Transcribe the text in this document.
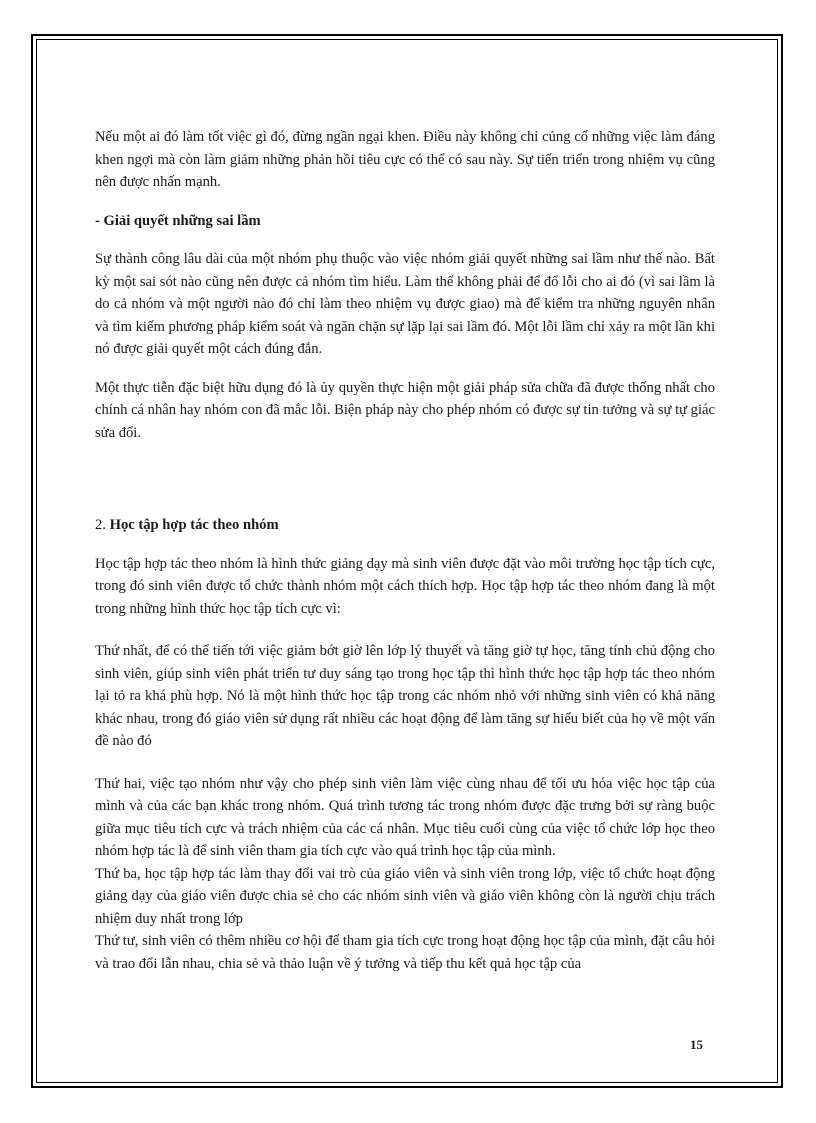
Nếu một ai đó làm tốt việc gì đó, đừng ngần ngại khen. Điều này không chỉ củng cố những việc làm đáng khen ngợi mà còn làm giảm những phản hồi tiêu cực có thể có sau này. Sự tiến triển trong nhiệm vụ cũng nên được nhấn mạnh.

- Giải quyết những sai lầm

Sự thành công lâu dài của một nhóm phụ thuộc vào việc nhóm giải quyết những sai lầm như thế nào. Bất kỳ một sai sót nào cũng nên được cả nhóm tìm hiểu. Làm thế không phải để đổ lỗi cho ai đó (vì sai lầm là do cả nhóm và một người nào đó chỉ làm theo nhiệm vụ được giao) mà để kiểm tra những nguyên nhân và tìm kiếm phương pháp kiểm soát và ngăn chặn sự lặp lại sai lầm đó. Một lỗi lầm chỉ xảy ra một lần khi nó được giải quyết một cách đúng đắn.

Một thực tiễn đặc biệt hữu dụng đó là ủy quyền thực hiện một giải pháp sửa chữa đã được thống nhất cho chính cá nhân hay nhóm con đã mắc lỗi. Biện pháp này cho phép nhóm có được sự tin tưởng và sự tự giác sửa đổi.

2. Học tập hợp tác theo nhóm

Học tập hợp tác theo nhóm là hình thức giảng dạy mà sinh viên được đặt vào môi trường học tập tích cực, trong đó sinh viên được tổ chức thành nhóm một cách thích hợp. Học tập hợp tác theo nhóm đang là một trong những hình thức học tập tích cực vì:

Thứ nhất, để có thể tiến tới việc giảm bớt giờ lên lớp lý thuyết và tăng giờ tự học, tăng tính chủ động cho sinh viên, giúp sinh viên phát triển tư duy sáng tạo trong học tập thì hình thức học tập hợp tác theo nhóm lại tỏ ra khá phù hợp. Nó là một hình thức học tập trong các nhóm nhỏ với những sinh viên có khả năng khác nhau, trong đó giáo viên sử dụng rất nhiều các hoạt động để làm tăng sự hiểu biết của họ về một vấn đề nào đó

Thứ hai, việc tạo nhóm như vậy cho phép sinh viên làm việc cùng nhau để tối ưu hóa việc học tập của mình và của các bạn khác trong nhóm. Quá trình tương tác trong nhóm được đặc trưng bởi sự ràng buộc giữa mục tiêu tích cực và trách nhiệm của các cá nhân. Mục tiêu cuối cùng của việc tổ chức lớp học theo nhóm hợp tác là để sinh viên tham gia tích cực vào quá trình học tập của mình.

Thứ ba, học tập hợp tác làm thay đổi vai trò của giáo viên và sinh viên trong lớp, việc tổ chức hoạt động giảng dạy của giáo viên được chia sẻ cho các nhóm sinh viên và giáo viên không còn là người chịu trách nhiệm duy nhất trong lớp

Thứ tư, sinh viên có thêm nhiều cơ hội để tham gia tích cực trong hoạt động học tập của mình, đặt câu hỏi và trao đổi lẫn nhau, chia sẻ và thảo luận về ý tưởng và tiếp thu kết quả học tập của

15
